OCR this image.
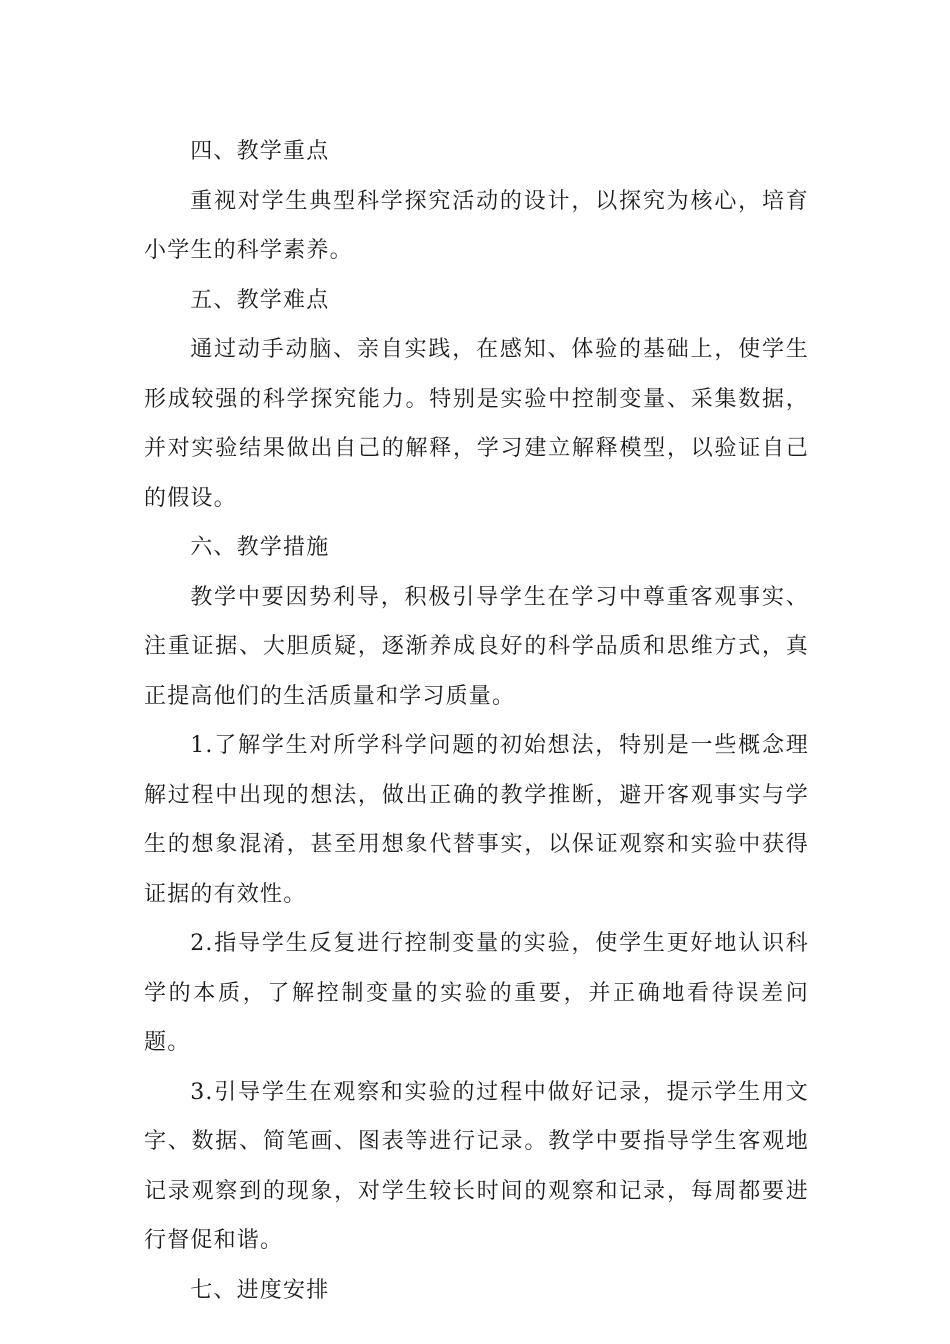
四、教学重点

重视对学生典型科学探究活动的设计，以探究为核心，培育小学生的科学素养。

五、教学难点

通过动手动脑、亲自实践，在感知、体验的基础上，使学生形成较强的科学探究能力。特别是实验中控制变量、采集数据，并对实验结果做出自己的解释，学习建立解释模型，以验证自己的假设。

六、教学措施

教学中要因势利导，积极引导学生在学习中尊重客观事实、注重证据、大胆质疑，逐渐养成良好的科学品质和思维方式，真正提高他们的生活质量和学习质量。

1.了解学生对所学科学问题的初始想法，特别是一些概念理解过程中出现的想法，做出正确的教学推断，避开客观事实与学生的想象混淆，甚至用想象代替事实，以保证观察和实验中获得证据的有效性。

2.指导学生反复进行控制变量的实验，使学生更好地认识科学的本质，了解控制变量的实验的重要，并正确地看待误差问题。

3.引导学生在观察和实验的过程中做好记录，提示学生用文字、数据、简笔画、图表等进行记录。教学中要指导学生客观地记录观察到的现象，对学生较长时间的观察和记录，每周都要进行督促和谐。

七、进度安排
